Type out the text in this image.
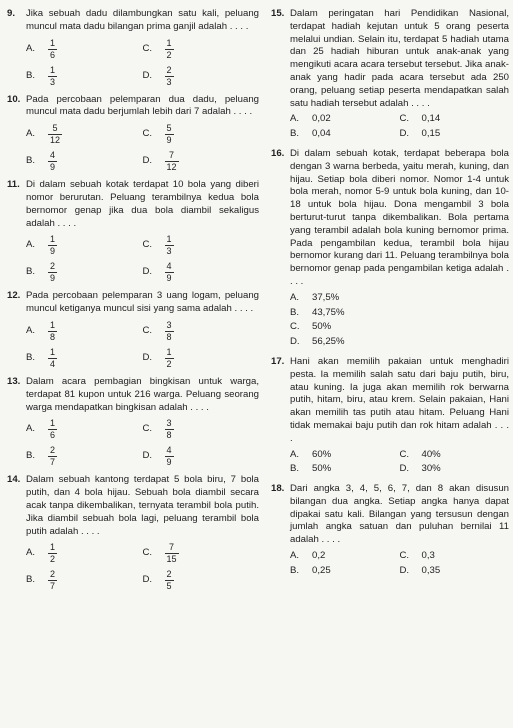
9.	Jika sebuah dadu dilambungkan satu kali, peluang muncul mata dadu bilangan prima ganjil adalah . . . .
A.	$\frac{1}{6}$	C.	$\frac{1}{2}$
B.	$\frac{1}{3}$	D.	$\frac{2}{3}$
10. Pada percobaan pelemparan dua dadu, peluang muncul mata dadu berjumlah lebih dari 7 adalah . . . .
A.	$\frac{5}{12}$	C.	$\frac{5}{9}$
B.	$\frac{4}{9}$	D.	$\frac{7}{12}$
11. Di dalam sebuah kotak terdapat 10 bola yang diberi nomor berurutan. Peluang terambilnya kedua bola bernomor genap jika dua bola diambil sekaligus adalah . . . .
A.	$\frac{1}{9}$	C.	$\frac{1}{3}$
B.	$\frac{2}{9}$	D.	$\frac{4}{9}$
12. Pada percobaan pelemparan 3 uang logam, peluang muncul ketiganya muncul sisi yang sama adalah . . . .
A.	$\frac{1}{8}$	C.	$\frac{3}{8}$
B.	$\frac{1}{4}$	D.	$\frac{1}{2}$
13. Dalam acara pembagian bingkisan untuk warga, terdapat 81 kupon untuk 216 warga. Peluang seorang warga mendapatkan bingkisan adalah . . . .
A.	$\frac{1}{6}$	C.	$\frac{3}{8}$
B.	$\frac{2}{7}$	D.	$\frac{4}{9}$
14. Dalam sebuah kantong terdapat 5 bola biru, 7 bola putih, dan 4 bola hijau. Sebuah bola diambil secara acak tanpa dikembalikan, ternyata terambil bola putih. Jika diambil sebuah bola lagi, peluang terambil bola putih adalah . . . .
A.	$\frac{1}{2}$	C.	$\frac{7}{15}$
B.	$\frac{2}{7}$	D.	$\frac{2}{5}$
15. Dalam peringatan hari Pendidikan Nasional, terdapat hadiah kejutan untuk 5 orang peserta melalui undian. Selain itu, terdapat 5 hadiah utama dan 25 hadiah hiburan untuk anak-anak yang mengikuti acara acara tersebut tersebut. Jika anak-anak yang hadir pada acara tersebut ada 250 orang, peluang setiap peserta mendapatkan salah satu hadiah tersebut adalah . . . .
A.	0,02	C.	0,14
B.	0,04	D.	0,15
16. Di dalam sebuah kotak, terdapat beberapa bola dengan 3 warna berbeda, yaitu merah, kuning, dan hijau. Setiap bola diberi nomor. Nomor 1-4 untuk bola merah, nomor 5-9 untuk bola kuning, dan 10-18 untuk bola hijau. Dona mengambil 3 bola berturut-turut tanpa dikembalikan. Bola pertama yang terambil adalah bola kuning bernomor prima. Pada pengambilan kedua, terambil bola hijau bernomor kurang dari 11. Peluang terambilnya bola bernomor genap pada pengambilan ketiga adalah . . . .
A.	37,5%
B.	43,75%
C.	50%
D.	56,25%
17. Hani akan memilih pakaian untuk menghadiri pesta. Ia memilih salah satu dari baju putih, biru, atau kuning. Ia juga akan memilih rok berwarna putih, hitam, biru, atau krem. Selain pakaian, Hani akan memilih tas putih atau hitam. Peluang Hani tidak memakai baju putih dan rok hitam adalah . . . .
A.	60%	C.	40%
B.	50%	D.	30%
18. Dari angka 3, 4, 5, 6, 7, dan 8 akan disusun bilangan dua angka. Setiap angka hanya dapat dipakai satu kali. Bilangan yang tersusun dengan jumlah angka satuan dan puluhan bernilai 11 adalah . . . .
A.	0,2	C.	0,3
B.	0,25	D.	0,35
